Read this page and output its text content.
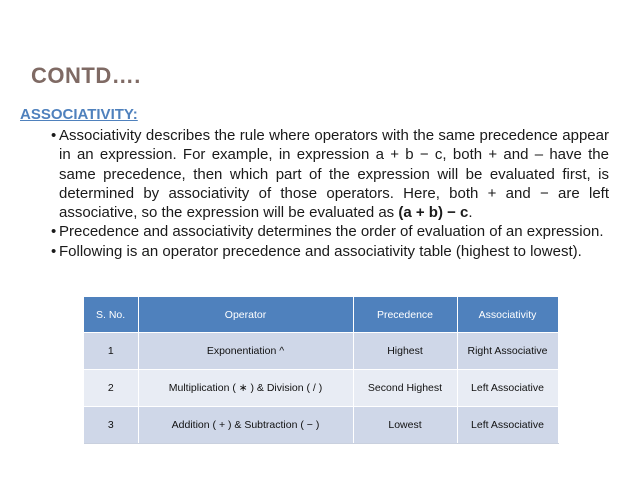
CONTD….
ASSOCIATIVITY:
• Associativity describes the rule where operators with the same precedence appear in an expression. For example, in expression a + b − c, both + and – have the same precedence, then which part of the expression will be evaluated first, is determined by associativity of those operators. Here, both + and − are left associative, so the expression will be evaluated as (a + b) − c.
• Precedence and associativity determines the order of evaluation of an expression.
• Following is an operator precedence and associativity table (highest to lowest).
S. No.	Operator	Precedence	Associativity
1	Exponentiation ^	Highest	Right Associative
2	Multiplication ( ∗ ) & Division ( / )	Second Highest	Left Associative
3	Addition ( + ) & Subtraction ( − )	Lowest	Left Associative
